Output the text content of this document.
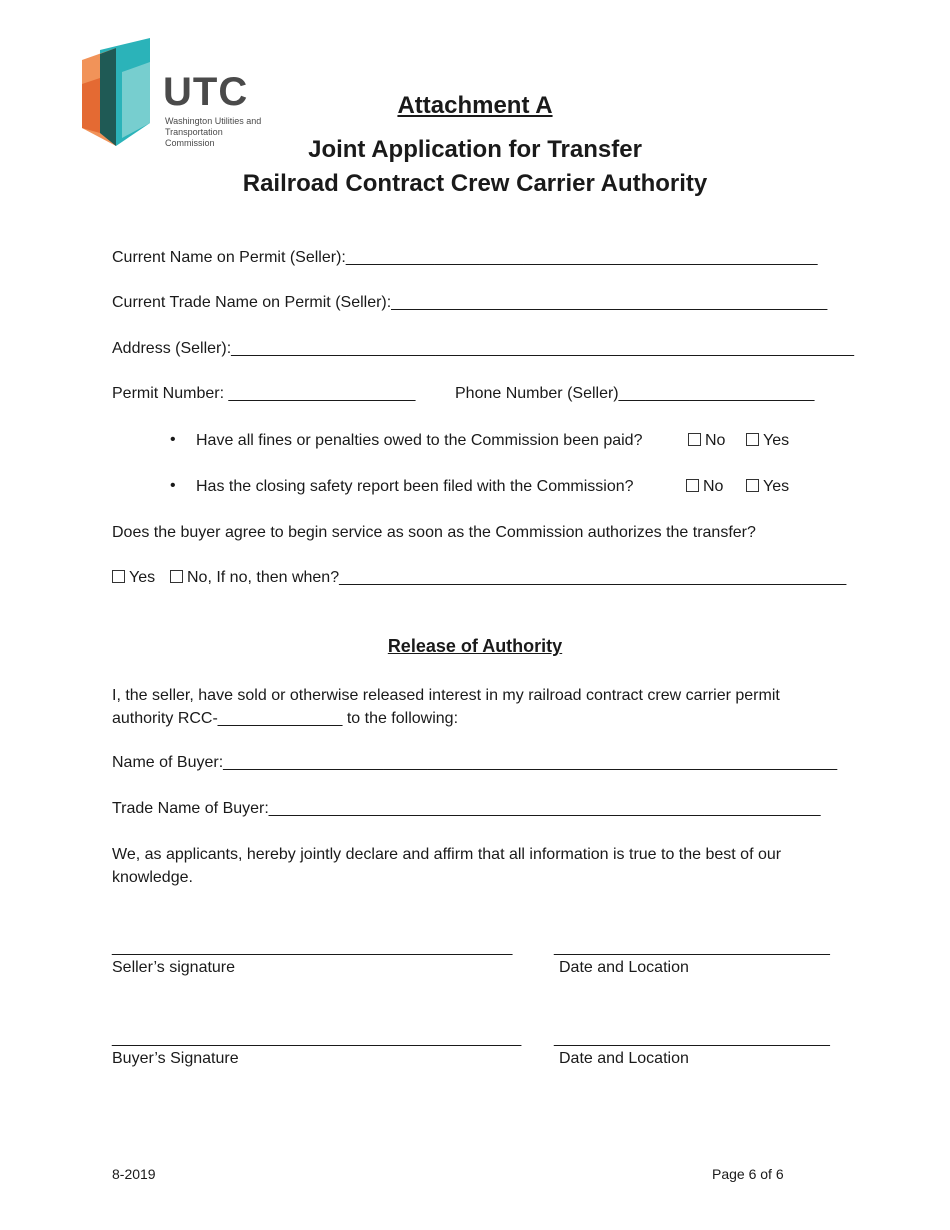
UTC
Washington Utilities and Transportation Commission
Attachment A
Joint Application for Transfer
Railroad Contract Crew Carrier Authority
Current Name on Permit (Seller):_____________________________________________________
Current Trade Name on Permit (Seller):_________________________________________________
Address (Seller):______________________________________________________________________
Permit Number: _____________________ Phone Number (Seller)______________________
• Have all fines or penalties owed to the Commission been paid?	No	Yes
• Has the closing safety report been filed with the Commission?	No	Yes
Does the buyer agree to begin service as soon as the Commission authorizes the transfer?
Yes	No, If no, then when?_________________________________________________________
Release of Authority
I, the seller, have sold or otherwise released interest in my railroad contract crew carrier permit authority RCC-______________ to the following:
Name of Buyer:_____________________________________________________________________
Trade Name of Buyer:______________________________________________________________
We, as applicants, hereby jointly declare and affirm that all information is true to the best of our knowledge.
_____________________________________________	_______________________________
Seller’s signature	Date and Location
______________________________________________ _______________________________
Buyer’s Signature	Date and Location
8-2019	Page 6 of 6
